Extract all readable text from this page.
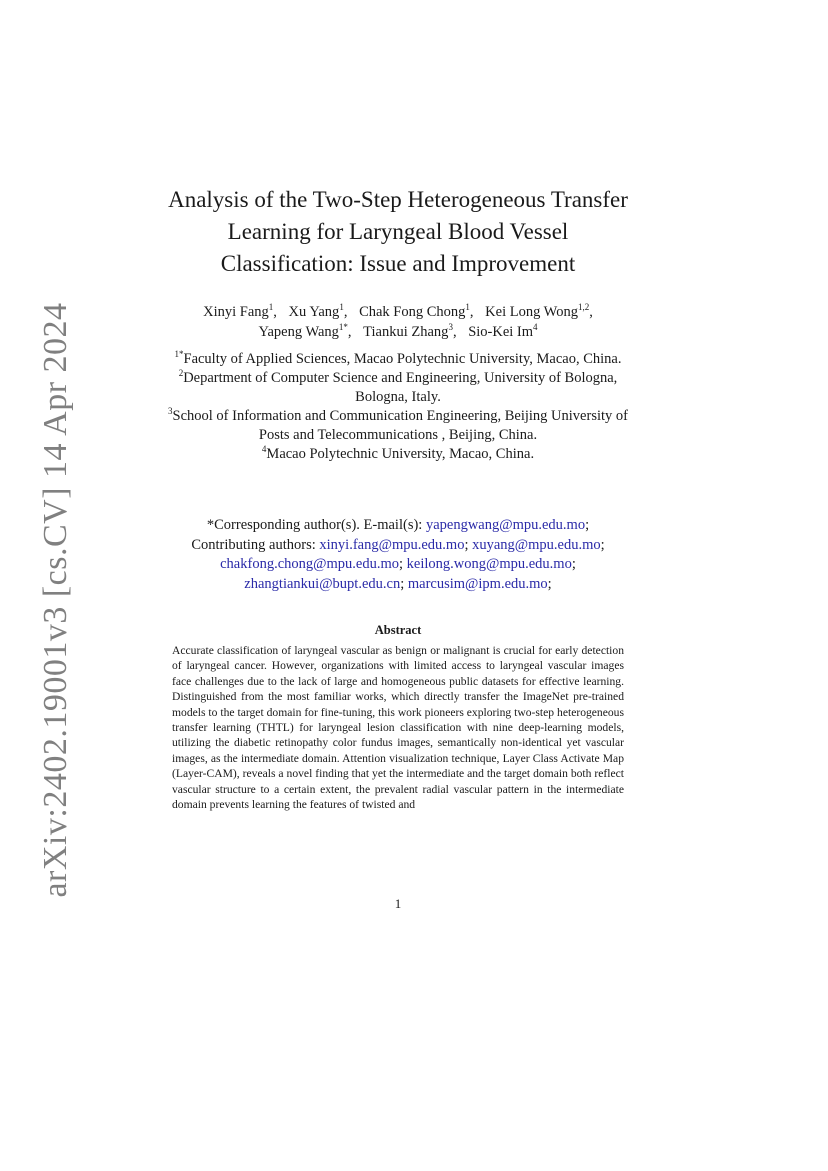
arXiv:2402.19001v3 [cs.CV] 14 Apr 2024
Analysis of the Two-Step Heterogeneous Transfer
Learning for Laryngeal Blood Vessel
Classification: Issue and Improvement
Xinyi Fang$^1$, Xu Yang$^1$, Chak Fong Chong$^1$, Kei Long Wong$^{1,2}$,
Yapeng Wang$^{1*}$, Tiankui Zhang$^3$, Sio-Kei Im$^4$

$^{1*}$Faculty of Applied Sciences, Macao Polytechnic University, Macao, China.

$^2$Department of Computer Science and Engineering, University of Bologna, Bologna, Italy.

$^3$School of Information and Communication Engineering, Beijing University of Posts and Telecommunications , Beijing, China.

$^4$Macao Polytechnic University, Macao, China.

*Corresponding author(s). E-mail(s): yapengwang@mpu.edu.mo;

Contributing authors: xinyi.fang@mpu.edu.mo; xuyang@mpu.edu.mo;

chakfong.chong@mpu.edu.mo; keilong.wong@mpu.edu.mo;

zhangtiankui@bupt.edu.cn; marcusim@ipm.edu.mo;

Abstract
Accurate classification of laryngeal vascular as benign or malignant is crucial for early detection of laryngeal cancer. However, organizations with limited access to laryngeal vascular images face challenges due to the lack of large and homogeneous public datasets for effective learning. Distinguished from the most familiar works, which directly transfer the ImageNet pre-trained models to the target domain for fine-tuning, this work pioneers exploring two-step heterogeneous transfer learning (THTL) for laryngeal lesion classification with nine deep-learning models, utilizing the diabetic retinopathy color fundus images, semantically non-identical yet vascular images, as the intermediate domain. Attention visualization technique, Layer Class Activate Map (Layer-CAM), reveals a novel finding that yet the intermediate and the target domain both reflect vascular structure to a certain extent, the prevalent radial vascular pattern in the intermediate domain prevents learning the features of twisted and
1
